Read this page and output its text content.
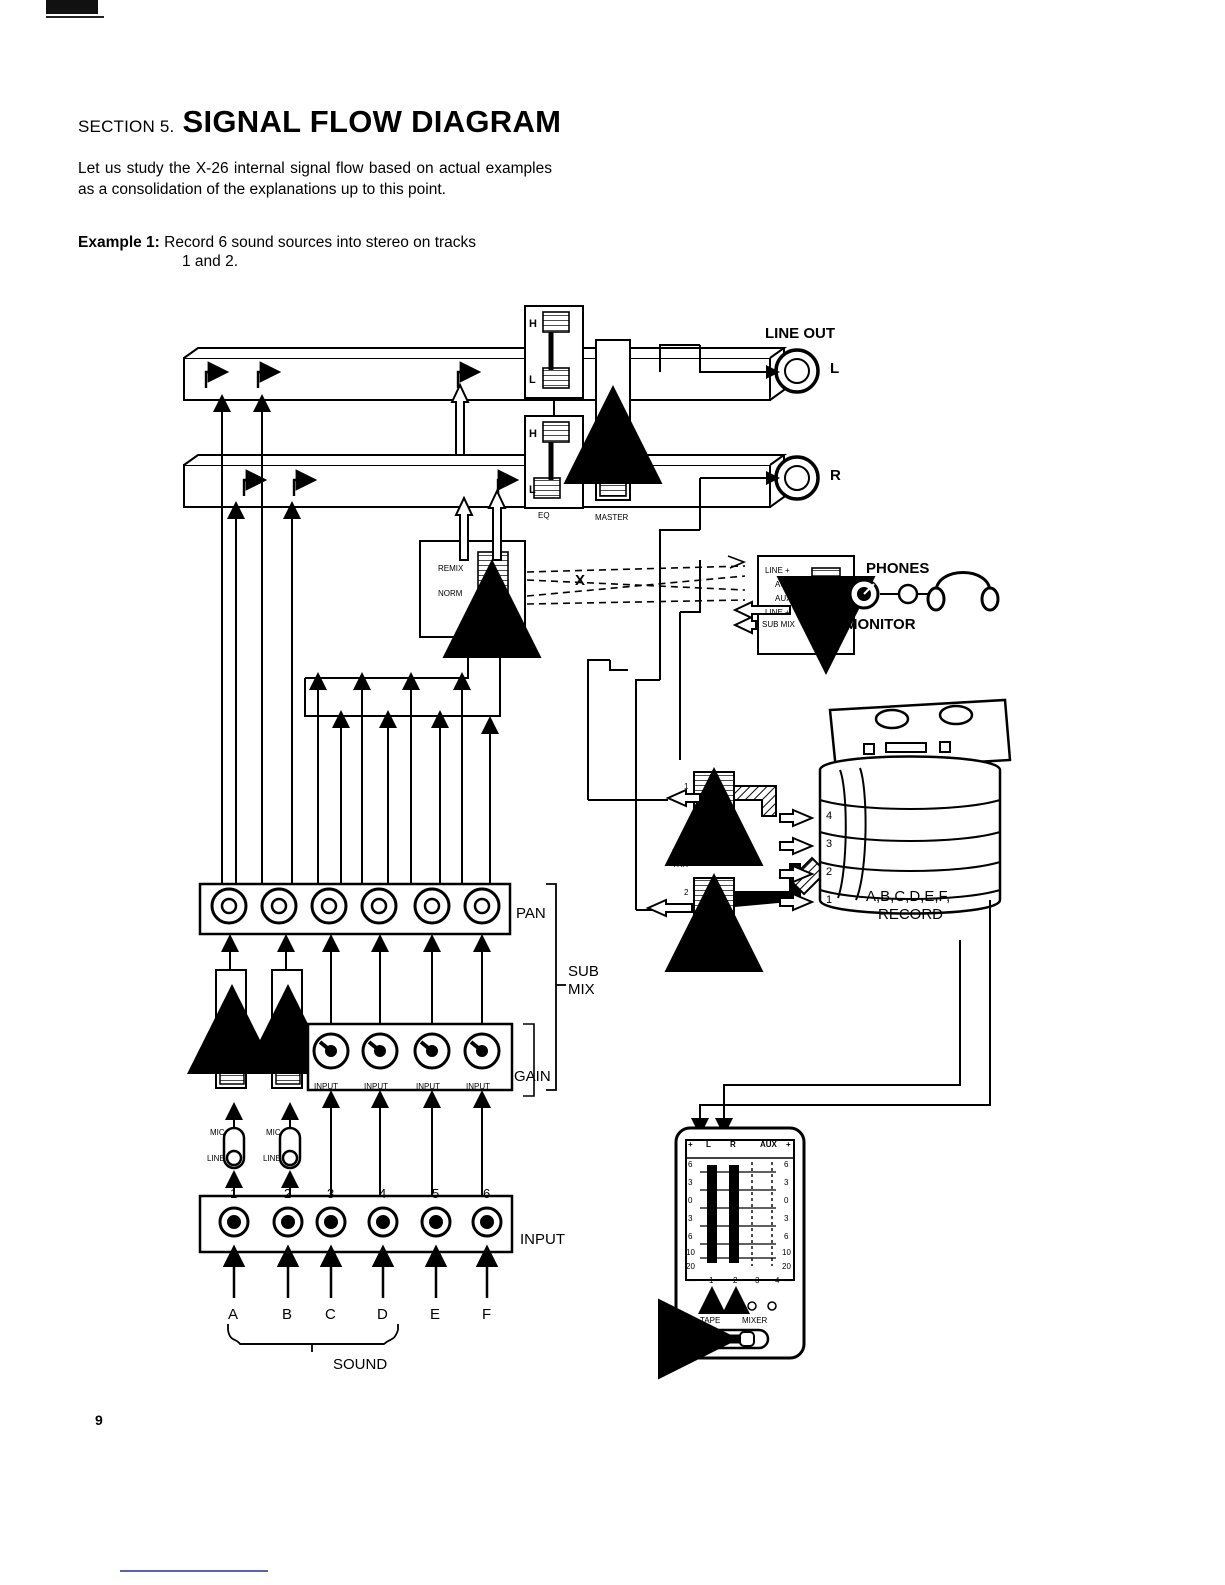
SECTION 5. SIGNAL FLOW DIAGRAM
Let us study the X-26 internal signal flow based on actual examples as a consolidation of the explanations up to this point.
Example 1: Record 6 sound sources into stereo on tracks
1 and 2.
9
LINE OUT
L
R
H
L
H
L
EQ	MASTER
REMIX
NORM
X
LINE +
AUX
AUX
LINE +
SUB MIX
PHONES
MONITOR
PAN
SUB
MIX
GAIN
INPUT
SOUND
INPUT	INPUT	INPUT	INPUT
MIC
LINE
MIC
LINE
1	2	3	4	5	6
A	B C	D	E	F
1
3
2
4
REC
TRK
4
3
2
1 A,B,C,D,E,F,
RECORD
+ L R	AUX +
6
3
0
3
6
10
20
6
3
0
3
6
10
20
—	—
1 2 3 4
TAPE	MIXER
